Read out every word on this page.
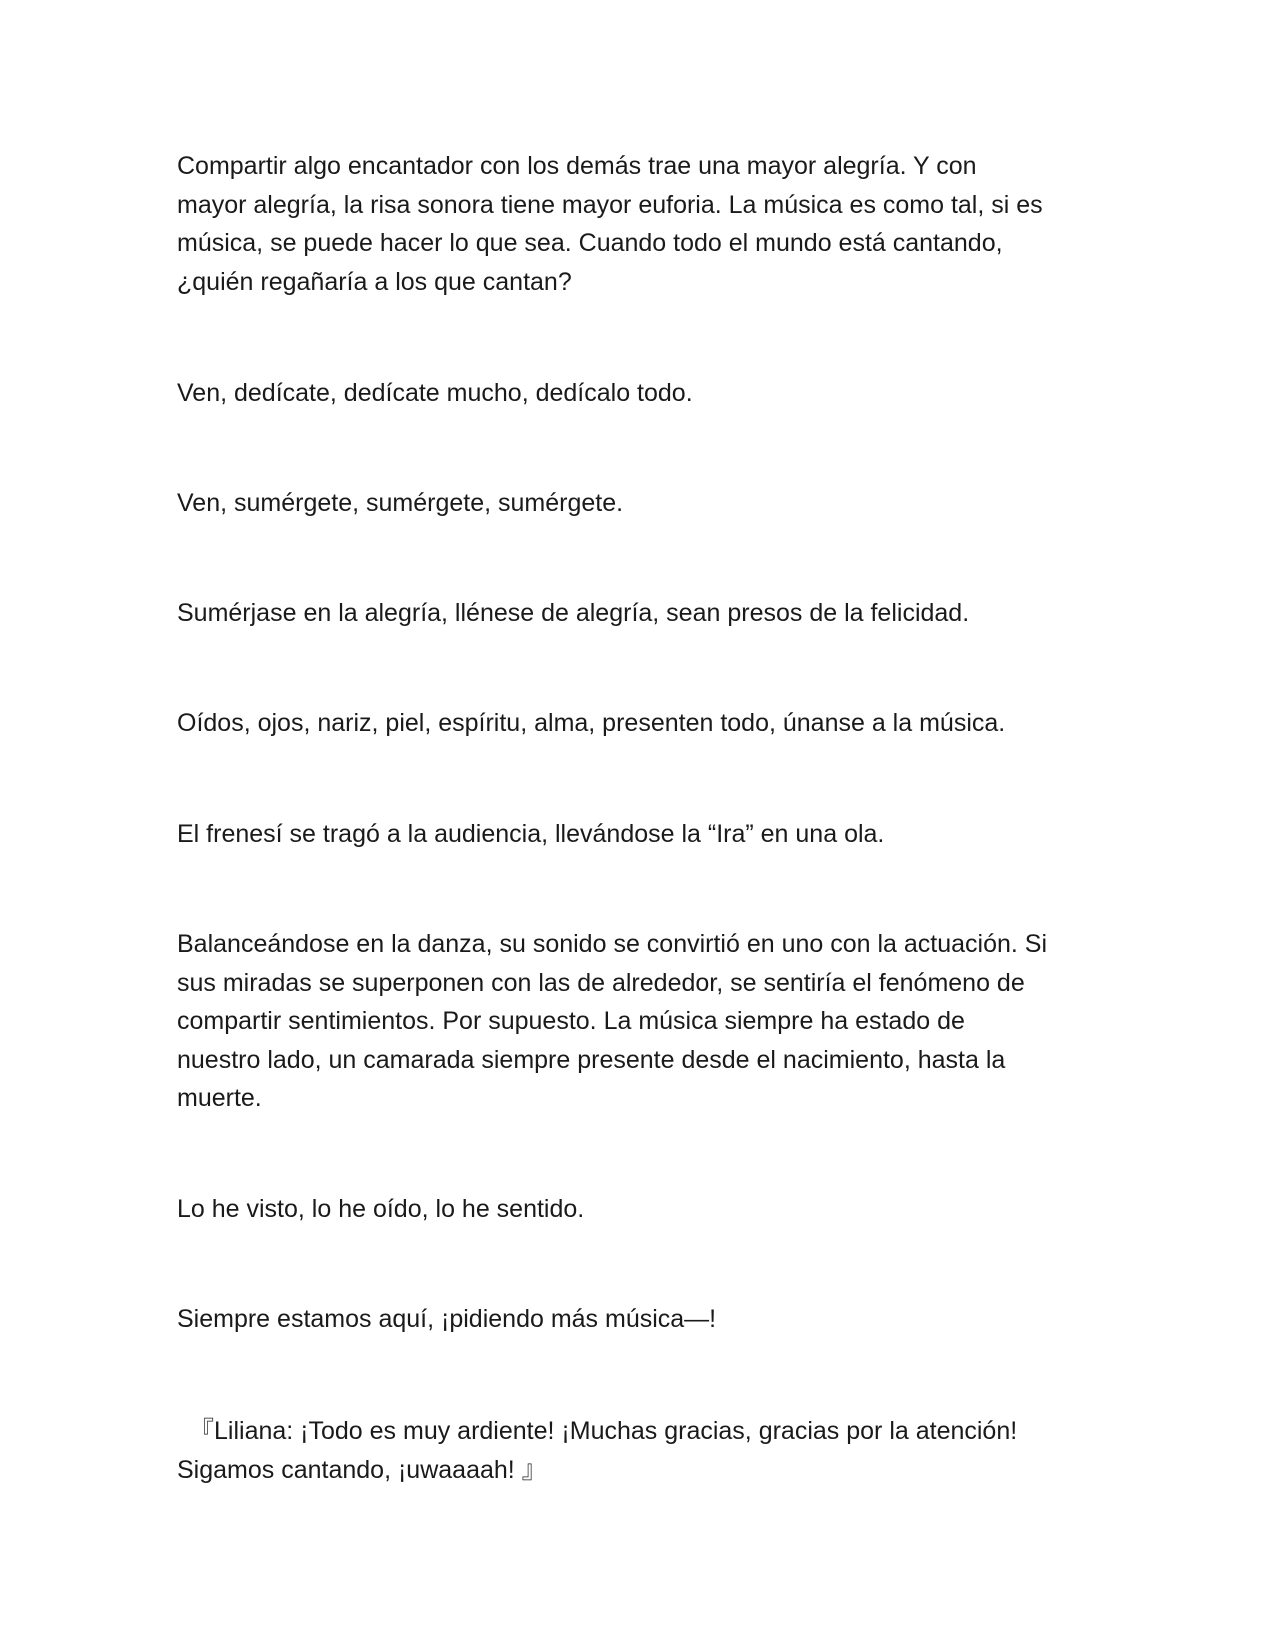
Compartir algo encantador con los demás trae una mayor alegría. Y con
mayor alegría, la risa sonora tiene mayor euforia. La música es como tal, si es
música, se puede hacer lo que sea. Cuando todo el mundo está cantando,
¿quién regañaría a los que cantan?

Ven, dedícate, dedícate mucho, dedícalo todo.

Ven, sumérgete, sumérgete, sumérgete.

Sumérjase en la alegría, llénese de alegría, sean presos de la felicidad.

Oídos, ojos, nariz, piel, espíritu, alma, presenten todo, únanse a la música.

El frenesí se tragó a la audiencia, llevándose la “Ira” en una ola.

Balanceándose en la danza, su sonido se convirtió en uno con la actuación. Si
sus miradas se superponen con las de alrededor, se sentiría el fenómeno de
compartir sentimientos. Por supuesto. La música siempre ha estado de
nuestro lado, un camarada siempre presente desde el nacimiento, hasta la
muerte.

Lo he visto, lo he oído, lo he sentido.

Siempre estamos aquí, ¡pidiendo más música—!

『Liliana: ¡Todo es muy ardiente! ¡Muchas gracias, gracias por la atención!
Sigamos cantando, ¡uwaaaah! 』
